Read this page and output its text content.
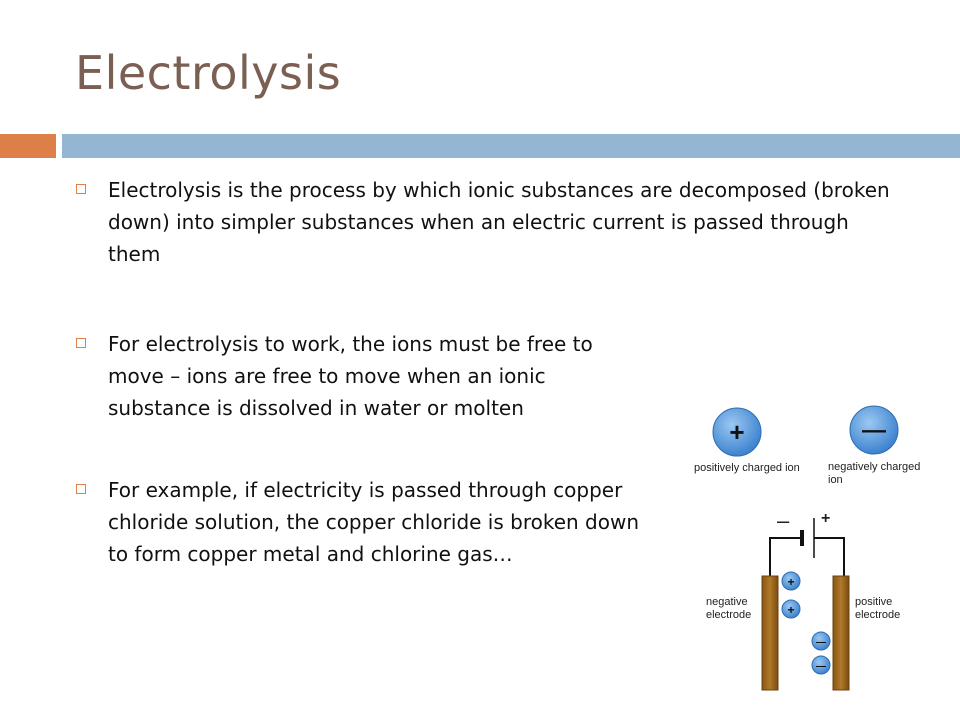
Electrolysis
Electrolysis is the process by which ionic substances are decomposed (broken down) into simpler substances when an electric current is passed through them
For electrolysis to work, the ions must be free to move – ions are free to move when an ionic substance is dissolved in water or molten
For example, if electricity is passed through copper chloride solution, the copper chloride is broken down to form copper metal and chlorine gas…
+	—
+
+
—
—
positively charged ion	negatively charged ion
– +
negative electrode
positive electrode
